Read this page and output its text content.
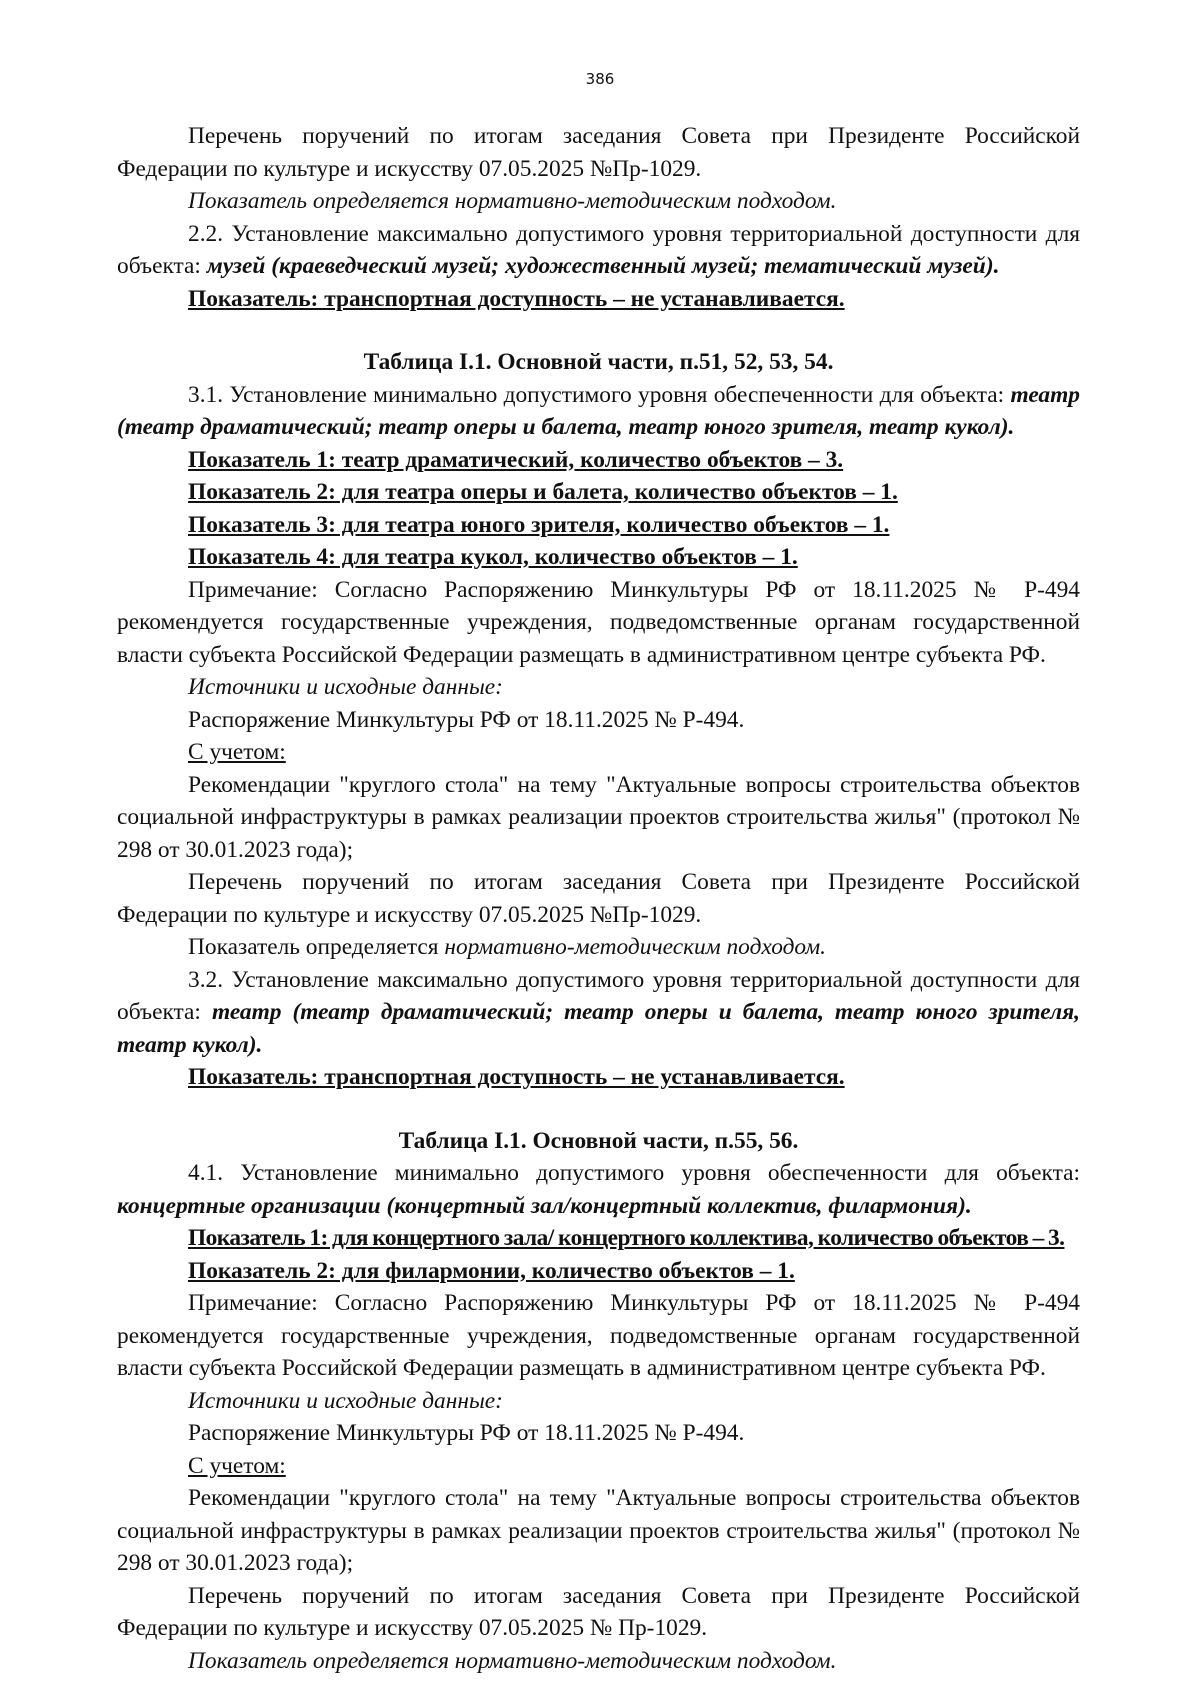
386

Перечень поручений по итогам заседания Совета при Президенте Российской Федерации по культуре и искусству 07.05.2025 №Пр-1029.

Показатель определяется нормативно-методическим подходом.

2.2. Установление максимально допустимого уровня территориальной доступности для объекта: музей (краеведческий музей; художественный музей; тематический музей).

Показатель: транспортная доступность – не устанавливается.

Таблица I.1. Основной части, п.51, 52, 53, 54.

3.1. Установление минимально допустимого уровня обеспеченности для объекта: театр (театр драматический; театр оперы и балета, театр юного зрителя, театр кукол).

Показатель 1: театр драматический, количество объектов – 3.

Показатель 2: для театра оперы и балета, количество объектов – 1.

Показатель 3: для театра юного зрителя, количество объектов – 1.

Показатель 4: для театра кукол, количество объектов – 1.

Примечание: Согласно Распоряжению Минкультуры РФ от 18.11.2025 № Р-494 рекомендуется государственные учреждения, подведомственные органам государственной власти субъекта Российской Федерации размещать в административном центре субъекта РФ.

Источники и исходные данные:

Распоряжение Минкультуры РФ от 18.11.2025 № Р-494.

С учетом:

Рекомендации "круглого стола" на тему "Актуальные вопросы строительства объектов социальной инфраструктуры в рамках реализации проектов строительства жилья" (протокол № 298 от 30.01.2023 года);

Перечень поручений по итогам заседания Совета при Президенте Российской Федерации по культуре и искусству 07.05.2025 №Пр-1029.

Показатель определяется нормативно-методическим подходом.

3.2. Установление максимально допустимого уровня территориальной доступности для объекта: театр (театр драматический; театр оперы и балета, театр юного зрителя, театр кукол).

Показатель: транспортная доступность – не устанавливается.

Таблица I.1. Основной части, п.55, 56.

4.1. Установление минимально допустимого уровня обеспеченности для объекта: концертные организации (концертный зал/концертный коллектив, филармония).

Показатель 1: для концертного зала/ концертного коллектива, количество объектов – 3.

Показатель 2: для филармонии, количество объектов – 1.

Примечание: Согласно Распоряжению Минкультуры РФ от 18.11.2025 № Р-494 рекомендуется государственные учреждения, подведомственные органам государственной власти субъекта Российской Федерации размещать в административном центре субъекта РФ.

Источники и исходные данные:

Распоряжение Минкультуры РФ от 18.11.2025 № Р-494.

С учетом:

Рекомендации "круглого стола" на тему "Актуальные вопросы строительства объектов социальной инфраструктуры в рамках реализации проектов строительства жилья" (протокол № 298 от 30.01.2023 года);

Перечень поручений по итогам заседания Совета при Президенте Российской Федерации по культуре и искусству 07.05.2025 № Пр-1029.

Показатель определяется нормативно-методическим подходом.
